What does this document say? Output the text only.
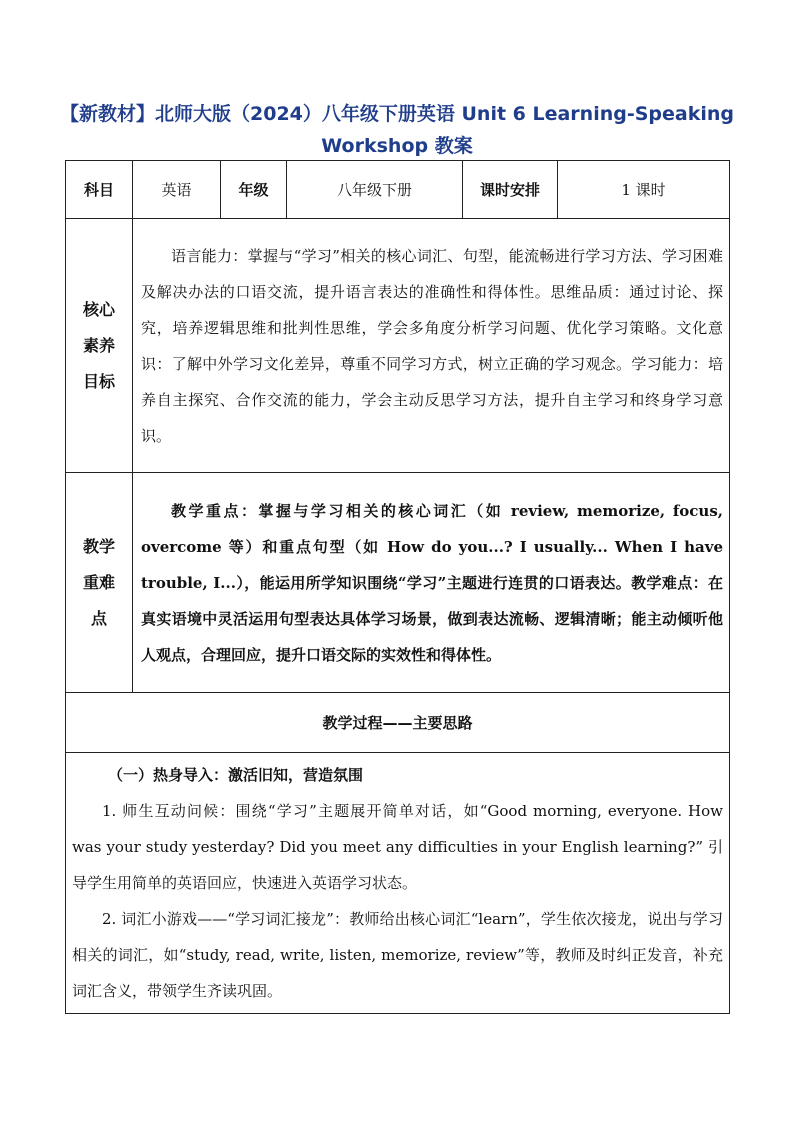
【新教材】北师大版（2024）八年级下册英语 Unit 6 Learning-Speaking Workshop 教案
科目	英语	年级	八年级下册	课时安排	1 课时

核心素养目标	语言能力：掌握与“学习”相关的核心词汇、句型，能流畅进行学习方法、学习困难及解决办法的口语交流，提升语言表达的准确性和得体性。思维品质：通过讨论、探究，培养逻辑思维和批判性思维，学会多角度分析学习问题、优化学习策略。文化意识：了解中外学习文化差异，尊重不同学习方式，树立正确的学习观念。学习能力：培养自主探究、合作交流的能力，学会主动反思学习方法，提升自主学习和终身学习意识。				

教学重难点	教学重点：掌握与学习相关的核心词汇（如 review, memorize, focus, overcome 等）和重点句型（如 How do you...? I usually... When I have trouble, I...），能运用所学知识围绕“学习”主题进行连贯的口语表达。教学难点：在真实语境中灵活运用句型表达具体学习场景，做到表达流畅、逻辑清晰；能主动倾听他人观点，合理回应，提升口语交际的实效性和得体性。				
教学过程——主要思路					

（一）热身导入：激活旧知，营造氛围
1. 师生互动问候：围绕“学习”主题展开简单对话，如“Good morning, everyone. How was your study yesterday? Did you meet any difficulties in your English learning?” 引导学生用简单的英语回应，快速进入英语学习状态。
2. 词汇小游戏——“学习词汇接龙”：教师给出核心词汇“learn”，学生依次接龙，说出与学习相关的词汇，如“study, read, write, listen, memorize, review”等，教师及时纠正发音，补充词汇含义，带领学生齐读巩固。					
